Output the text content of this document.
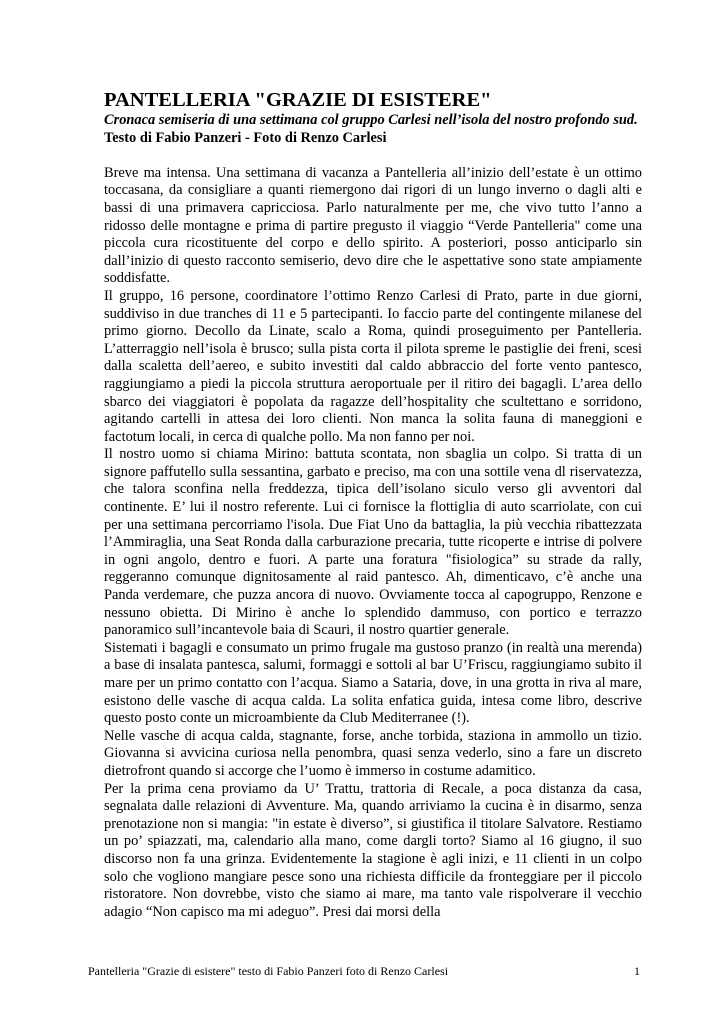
PANTELLERIA "GRAZIE DI ESISTERE"

Cronaca semiseria di una settimana col gruppo Carlesi nell’isola del nostro profondo sud.

Testo di Fabio Panzeri - Foto di Renzo Carlesi

Breve ma intensa. Una settimana di vacanza a Pantelleria all’inizio dell’estate è un ottimo toccasana, da consigliare a quanti riemergono dai rigori di un lungo inverno o dagli alti e bassi di una primavera capricciosa. Parlo naturalmente per me, che vivo tutto l’anno a ridosso delle montagne e prima di partire pregusto il viaggio “Verde Pantelleria" come una piccola cura ricostituente del corpo e dello spirito. A posteriori, posso anticiparlo sin dall’inizio di questo racconto semiserio, devo dire che le aspettative sono state ampiamente soddisfatte.

Il gruppo, 16 persone, coordinatore l’ottimo Renzo Carlesi di Prato, parte in due giorni, suddiviso in due tranches di 11 e 5 partecipanti. Io faccio parte del contingente milanese del primo giorno. Decollo da Linate, scalo a Roma, quindi proseguimento per Pantelleria. L’atterraggio nell’isola è brusco; sulla pista corta il pilota spreme le pastiglie dei freni, scesi dalla scaletta dell’aereo, e subito investiti dal caldo abbraccio del forte vento pantesco, raggiungiamo a piedi la piccola struttura aeroportuale per il ritiro dei bagagli. L’area dello sbarco dei viaggiatori è popolata da ragazze dell’hospitality che scultettano e sorridono, agitando cartelli in attesa dei loro clienti. Non manca la solita fauna di maneggioni e factotum locali, in cerca di qualche pollo. Ma non fanno per noi.

Il nostro uomo si chiama Mirino: battuta scontata, non sbaglia un colpo. Si tratta di un signore paffutello sulla sessantina, garbato e preciso, ma con una sottile vena dl riservatezza, che talora sconfina nella freddezza, tipica dell’isolano siculo verso gli avventori dal continente. E’ lui il nostro referente. Lui ci fornisce la flottiglia di auto scarriolate, con cui per una settimana percorriamo l'isola. Due Fiat Uno da battaglia, la più vecchia ribattezzata l’Ammiraglia, una Seat Ronda dalla carburazione precaria, tutte ricoperte e intrise di polvere in ogni angolo, dentro e fuori. A parte una foratura "fisiologica” su strade da rally, reggeranno comunque dignitosamente al raid pantesco. Ah, dimenticavo, c’è anche una Panda verdemare, che puzza ancora di nuovo. Ovviamente tocca al capogruppo, Renzone e nessuno obietta. Di Mirino è anche lo splendido dammuso, con portico e terrazzo panoramico sull’incantevole baia di Scauri, il nostro quartier generale.

Sistemati i bagagli e consumato un primo frugale ma gustoso pranzo (in realtà una merenda) a base di insalata pantesca, salumi, formaggi e sottoli al bar U’Friscu, raggiungiamo subito il mare per un primo contatto con l’acqua. Siamo a Sataria, dove, in una grotta in riva al mare, esistono delle vasche di acqua calda. La solita enfatica guida, intesa come libro, descrive questo posto conte un microambiente da Club Mediterranee (!).

Nelle vasche di acqua calda, stagnante, forse, anche torbida, staziona in ammollo un tizio. Giovanna si avvicina curiosa nella penombra, quasi senza vederlo, sino a fare un discreto dietrofront quando si accorge che l’uomo è immerso in costume adamitico.

Per la prima cena proviamo da U’ Trattu, trattoria di Recale, a poca distanza da casa, segnalata dalle relazioni di Avventure. Ma, quando arriviamo la cucina è in disarmo, senza prenotazione non si mangia: "in estate è diverso”, si giustifica il titolare Salvatore. Restiamo un po’ spiazzati, ma, calendario alla mano, come dargli torto? Siamo al 16 giugno, il suo discorso non fa una grinza. Evidentemente la stagione è agli inizi, e 11 clienti in un colpo solo che vogliono mangiare pesce sono una richiesta difficile da fronteggiare per il piccolo ristoratore. Non dovrebbe, visto che siamo ai mare, ma tanto vale rispolverare il vecchio adagio “Non capisco ma mi adeguo”. Presi dai morsi della

Pantelleria "Grazie di esistere" testo di Fabio Panzeri foto di Renzo Carlesi	1
